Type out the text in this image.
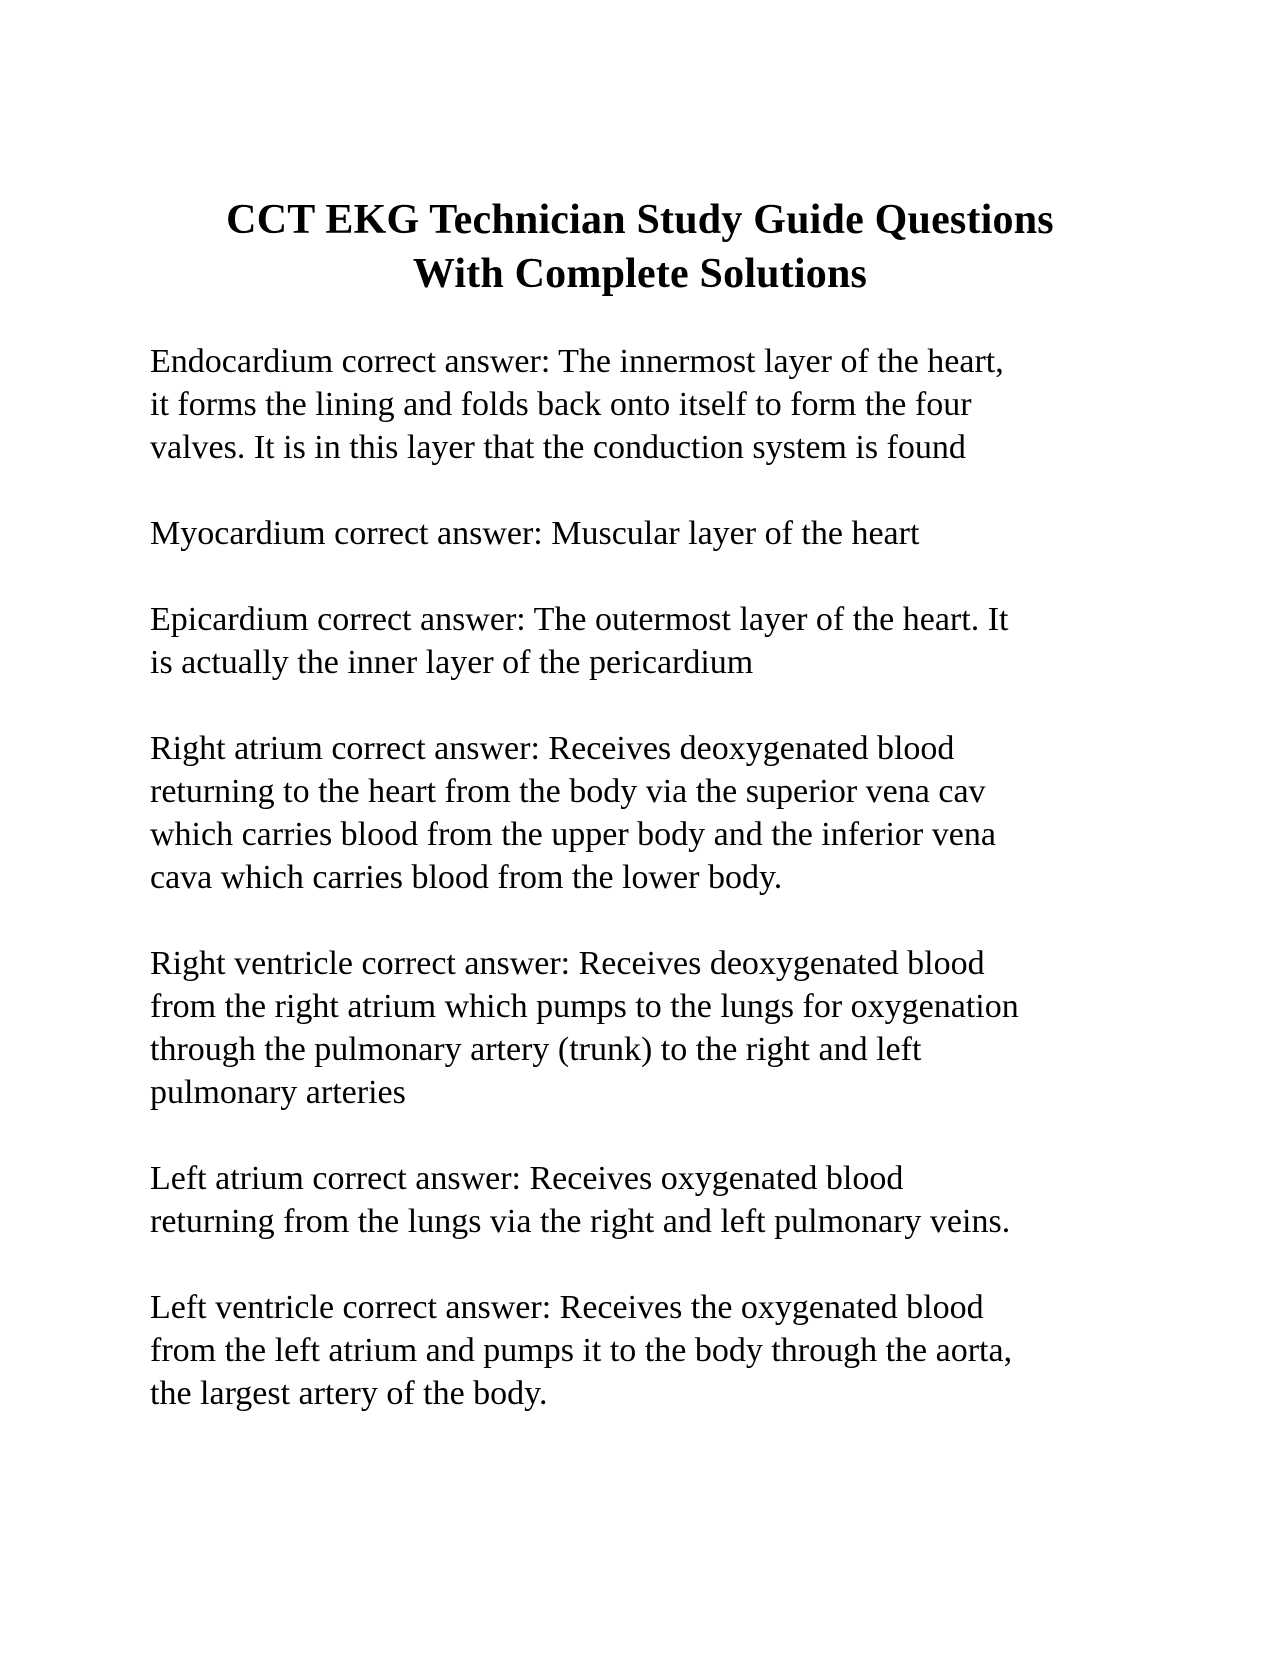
CCT EKG Technician Study Guide Questions
With Complete Solutions

Endocardium correct answer: The innermost layer of the heart,
it forms the lining and folds back onto itself to form the four
valves. It is in this layer that the conduction system is found

Myocardium correct answer: Muscular layer of the heart

Epicardium correct answer: The outermost layer of the heart. It
is actually the inner layer of the pericardium

Right atrium correct answer: Receives deoxygenated blood
returning to the heart from the body via the superior vena cav
which carries blood from the upper body and the inferior vena
cava which carries blood from the lower body.

Right ventricle correct answer: Receives deoxygenated blood
from the right atrium which pumps to the lungs for oxygenation
through the pulmonary artery (trunk) to the right and left
pulmonary arteries

Left atrium correct answer: Receives oxygenated blood
returning from the lungs via the right and left pulmonary veins.

Left ventricle correct answer: Receives the oxygenated blood
from the left atrium and pumps it to the body through the aorta,
the largest artery of the body.
